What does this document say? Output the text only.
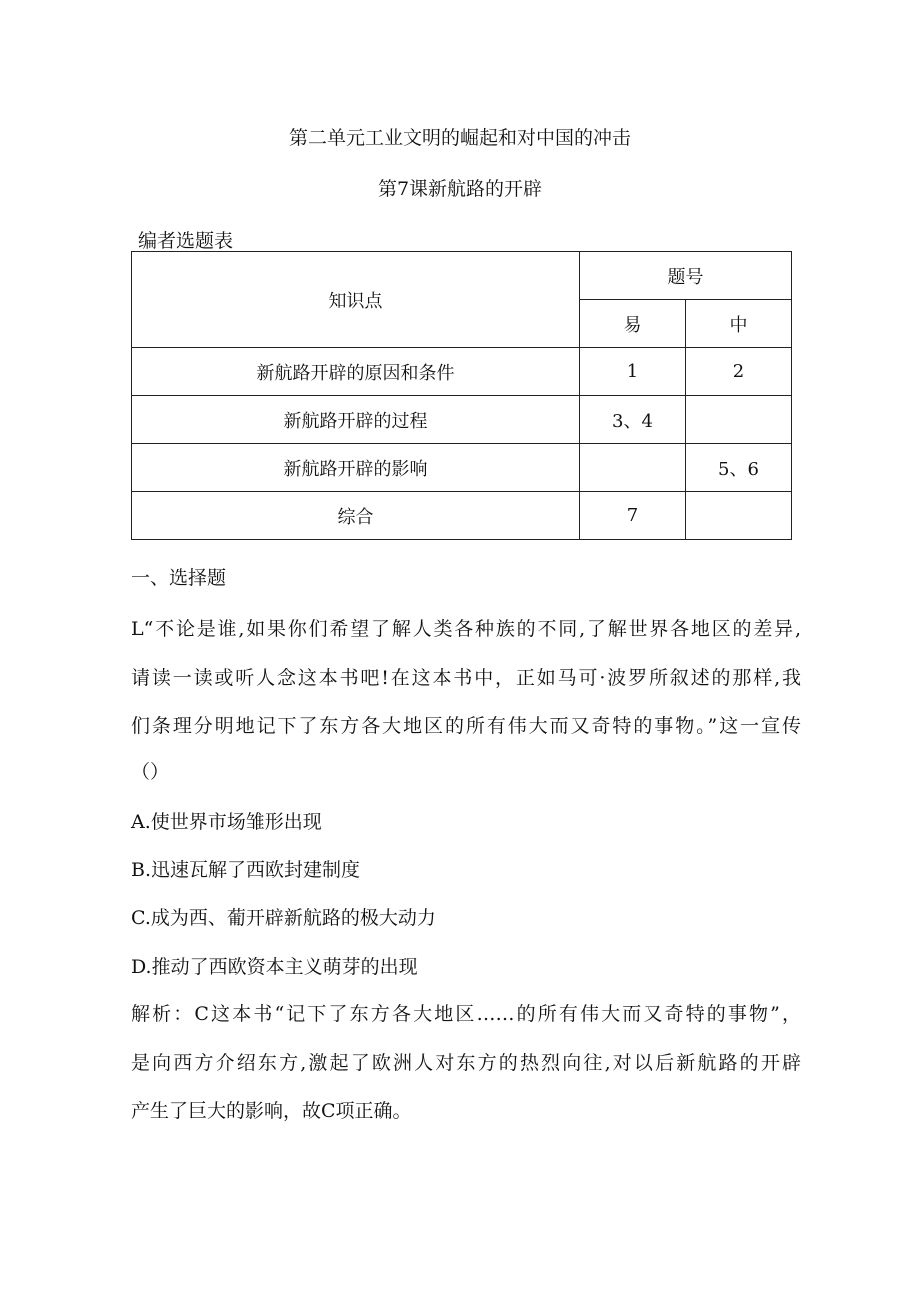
第二单元工业文明的崛起和对中国的冲击
第7课新航路的开辟
编者选题表
知识点	题号	
	易	中
新航路开辟的原因和条件	1	2
新航路开辟的过程	3、4	
新航路开辟的影响		5、6
综合	7	
一、选择题
L“不论是谁,如果你们希望了解人类各种族的不同,了解世界各地区的差异,
请读一读或听人念这本书吧!在这本书中，正如马可·波罗所叙述的那样,我
们条理分明地记下了东方各大地区的所有伟大而又奇特的事物。”这一宣传
（）
A.使世界市场雏形出现
B.迅速瓦解了西欧封建制度
C.成为西、葡开辟新航路的极大动力
D.推动了西欧资本主义萌芽的出现
解析：C这本书“记下了东方各大地区……的所有伟大而又奇特的事物”，
是向西方介绍东方,激起了欧洲人对东方的热烈向往,对以后新航路的开辟
产生了巨大的影响，故C项正确。
